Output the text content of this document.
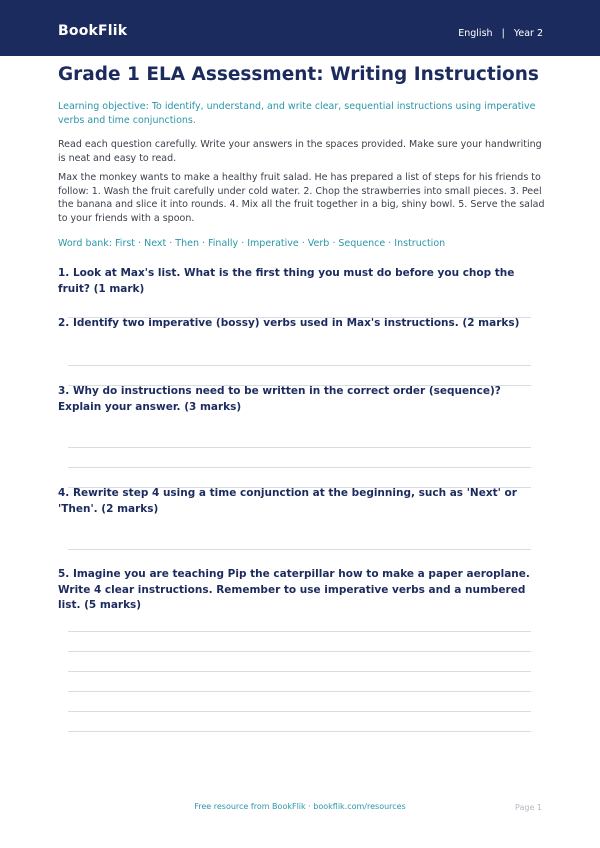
BookFlik	English | Year 2
Grade 1 ELA Assessment: Writing Instructions

Learning objective: To identify, understand, and write clear, sequential instructions using imperative verbs and time conjunctions.

Read each question carefully. Write your answers in the spaces provided. Make sure your handwriting is neat and easy to read.

Max the monkey wants to make a healthy fruit salad. He has prepared a list of steps for his friends to follow: 1. Wash the fruit carefully under cold water. 2. Chop the strawberries into small pieces. 3. Peel the banana and slice it into rounds. 4. Mix all the fruit together in a big, shiny bowl. 5. Serve the salad to your friends with a spoon.

Word bank: First · Next · Then · Finally · Imperative · Verb · Sequence · Instruction

1. Look at Max's list. What is the first thing you must do before you chop the fruit? (1 mark)

2. Identify two imperative (bossy) verbs used in Max's instructions. (2 marks)

3. Why do instructions need to be written in the correct order (sequence)? Explain your answer. (3 marks)

4. Rewrite step 4 using a time conjunction at the beginning, such as 'Next' or 'Then'. (2 marks)

5. Imagine you are teaching Pip the caterpillar how to make a paper aeroplane. Write 4 clear instructions. Remember to use imperative verbs and a numbered list. (5 marks)

Free resource from BookFlik · bookflik.com/resources	Page 1
